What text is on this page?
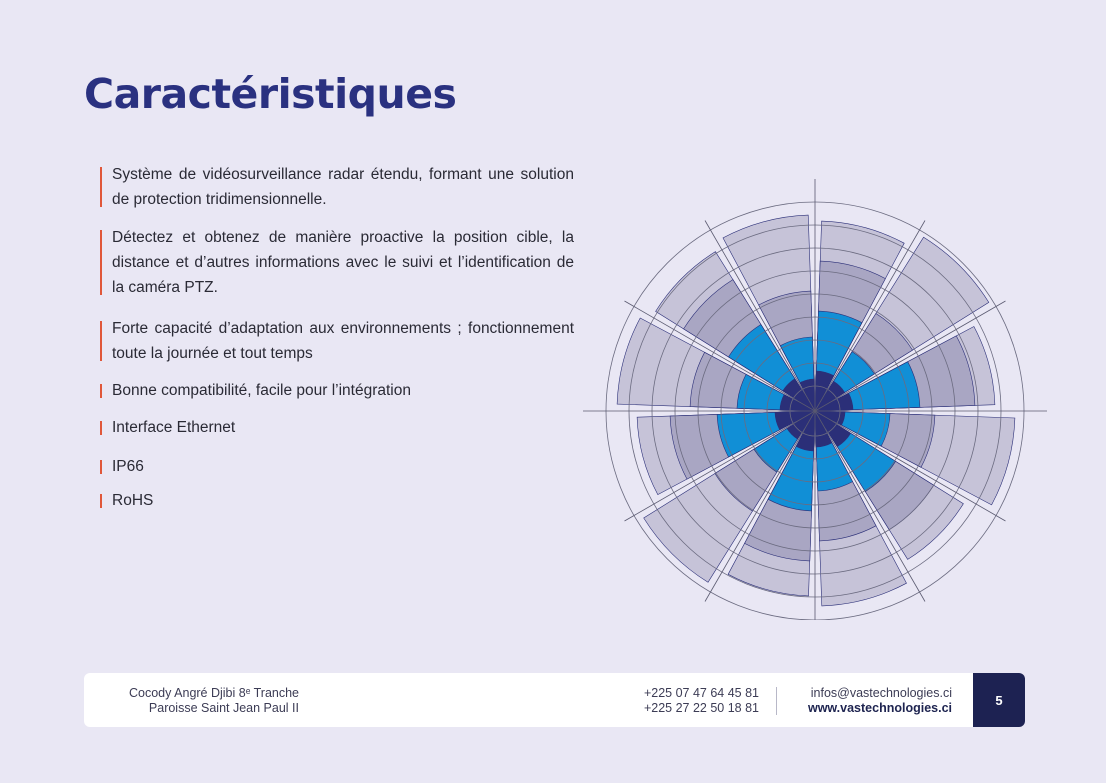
Caractéristiques
Système de vidéosurveillance radar étendu, formant une solution de protection tridimensionnelle.
Détectez et obtenez de manière proactive la position cible, la distance et d’autres informations avec le suivi et l’identification de la caméra PTZ.
Forte capacité d’adaptation aux environnements ; fonctionnement toute la journée et tout temps
Bonne compatibilité, facile pour l’intégration
Interface Ethernet
IP66
RoHS
Cocody Angré Djibi 8ᵉ Tranche
Paroisse Saint Jean Paul II
+225 07 47 64 45 81
+225 27 22 50 18 81
infos@vastechnologies.ci
www.vastechnologies.ci
5
